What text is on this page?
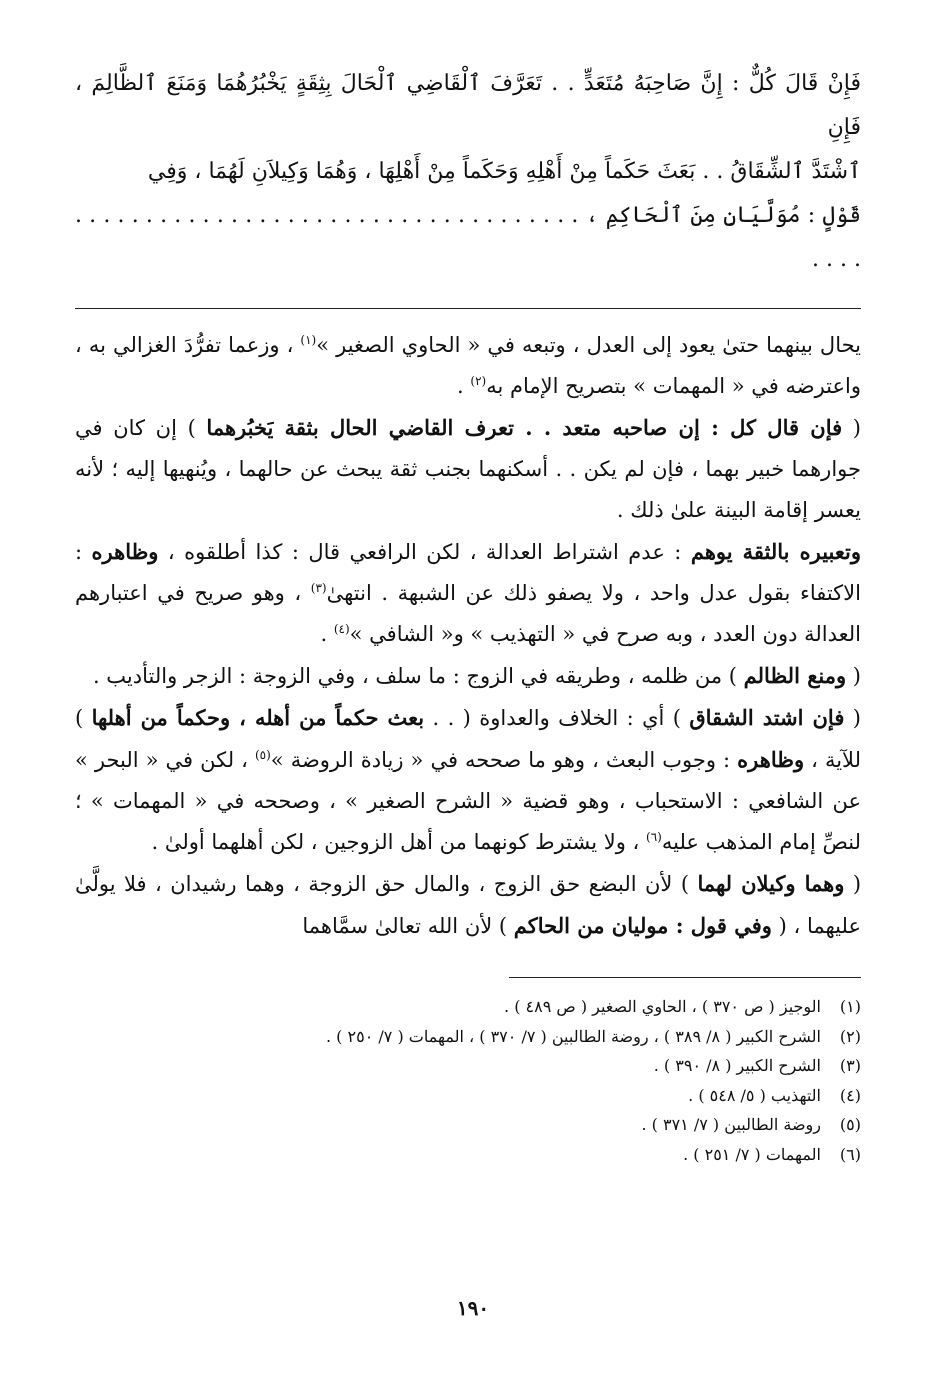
فَإِنْ قَالَ كُلٌّ : إِنَّ صَاحِبَهُ مُتَعَدٍّ . . تَعَرَّفَ ٱلْقَاضِي ٱلْحَالَ بِثِقَةٍ يَخْبُرُهُمَا وَمَنَعَ ٱلظَّالِمَ ، فَإِنِ

ٱشْتَدَّ ٱلشِّقَاقُ . . بَعَثَ حَكَماً مِنْ أَهْلِهِ وَحَكَماً مِنْ أَهْلِهَا ، وَهُمَا وَكِيلاَنِ لَهُمَا ، وَفِي

قَوْلٍ : مُوَلَّيَانِ مِنَ ٱلْحَاكِمِ ، . . . . . . . . . . . . . . . . . . . . . . . . . . . . . . . . . . . . . . . .

يحال بينهما حتىٰ يعود إلى العدل ، وتبعه في « الحاوي الصغير »$^{(١)}$ ، وزعما تفرُّدَ الغزالي به ، واعترضه في « المهمات » بتصريح الإمام به$^{(٢)}$ .

( فإن قال كل : إن صاحبه متعد . . تعرف القاضي الحال بثقة يَخبُرهما ) إن كان في جوارهما خبير بهما ، فإن لم يكن . . أسكنهما بجنب ثقة يبحث عن حالهما ، ويُنهيها إليه ؛ لأنه يعسر إقامة البينة علىٰ ذلك .

وتعبيره بالثقة يوهم : عدم اشتراط العدالة ، لكن الرافعي قال : كذا أطلقوه ، وظاهره : الاكتفاء بقول عدل واحد ، ولا يصفو ذلك عن الشبهة . انتهىٰ$^{(٣)}$ ، وهو صريح في اعتبارهم العدالة دون العدد ، وبه صرح في « التهذيب » و« الشافي »$^{(٤)}$ .

( ومنع الظالم ) من ظلمه ، وطريقه في الزوج : ما سلف ، وفي الزوجة : الزجر والتأديب .

( فإن اشتد الشقاق ) أي : الخلاف والعداوة ( . . بعث حكماً من أهله ، وحكماً من أهلها ) للآية ، وظاهره : وجوب البعث ، وهو ما صححه في « زيادة الروضة »$^{(٥)}$ ، لكن في « البحر » عن الشافعي : الاستحباب ، وهو قضية « الشرح الصغير » ، وصححه في « المهمات » ؛ لنصِّ إمام المذهب عليه$^{(٦)}$ ، ولا يشترط كونهما من أهل الزوجين ، لكن أهلهما أولىٰ .

( وهما وكيلان لهما ) لأن البضع حق الزوج ، والمال حق الزوجة ، وهما رشيدان ، فلا يولَّىٰ عليهما ، ( وفي قول : موليان من الحاكم ) لأن الله تعالىٰ سمَّاهما

(١)
الوجيز ( ص ٣٧٠ ) ، الحاوي الصغير ( ص ٤٨٩ ) .
(٢)
الشرح الكبير ( ٨/ ٣٨٩ ) ، روضة الطالبين ( ٧/ ٣٧٠ ) ، المهمات ( ٧/ ٢٥٠ ) .
(٣)
الشرح الكبير ( ٨/ ٣٩٠ ) .
(٤)
التهذيب ( ٥/ ٥٤٨ ) .
(٥)
روضة الطالبين ( ٧/ ٣٧١ ) .
(٦)
المهمات ( ٧/ ٢٥١ ) .
١٩٠
